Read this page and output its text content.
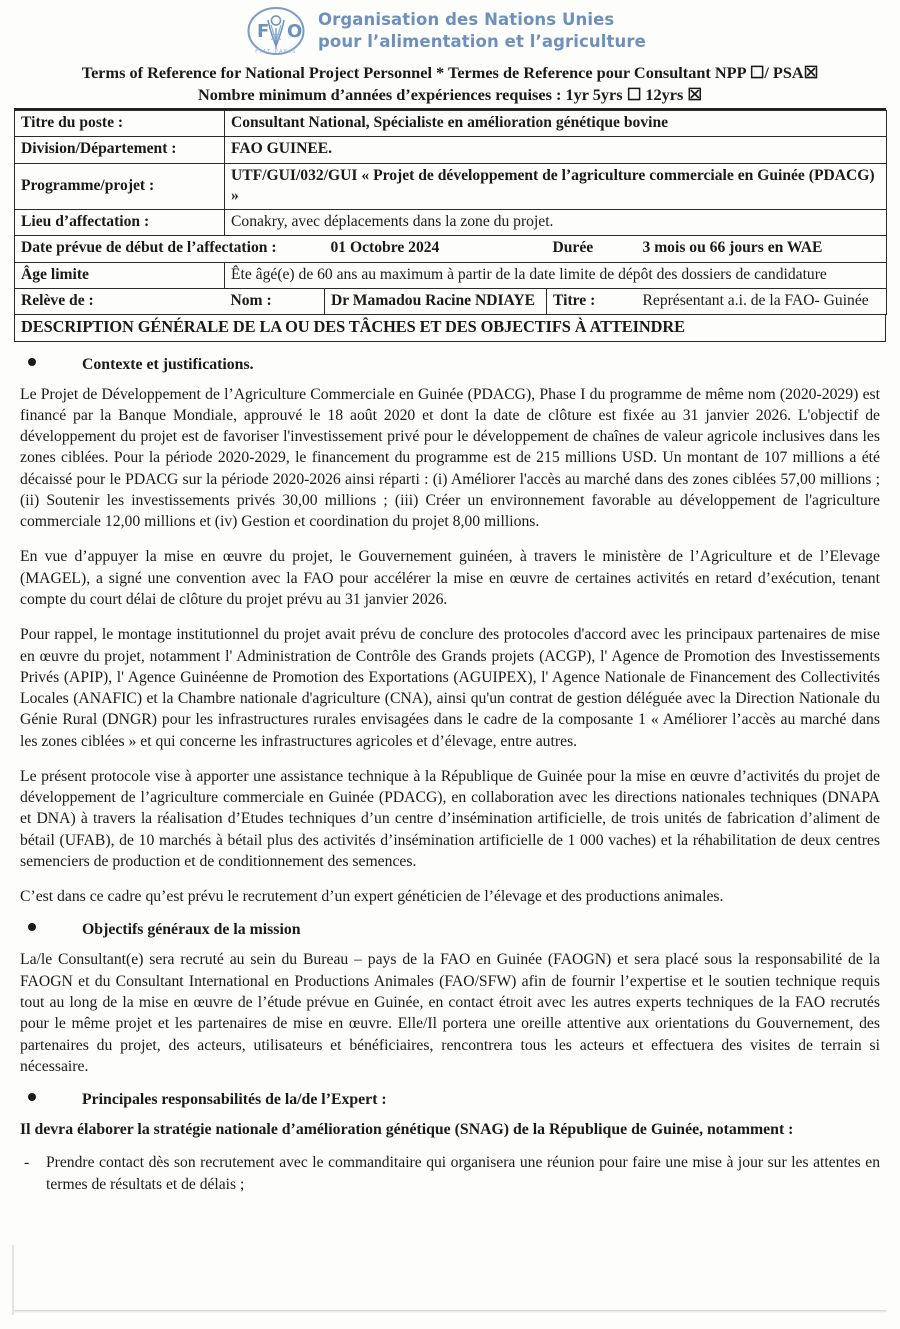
F O
FIAT PANIS
Organisation des Nations Unies
pour l’alimentation et l’agriculture
Terms of Reference for National Project Personnel * Termes de Reference pour Consultant NPP ☐/ PSA☒
Nombre minimum d’années d’expériences requises : 1yr 5yrs ☐ 12yrs ☒
Titre du poste :	Consultant National, Spécialiste en amélioration génétique bovine			
Division/Département :	FAO GUINEE.			
Programme/projet :	UTF/GUI/032/GUI « Projet de développement de l’agriculture commerciale en Guinée (PDACG) »			
Lieu d’affectation :	Conakry, avec déplacements dans la zone du projet.			
Date prévue de début de l’affectation :		01 Octobre 2024	Durée	3 mois ou 66 jours en WAE
Âge limite	Ête âgé(e) de 60 ans au maximum à partir de la date limite de dépôt des dossiers de candidature			
Relève de :	Nom :	Dr Mamadou Racine NDIAYE	Titre :	Représentant a.i. de la FAO- Guinée
DESCRIPTION GÉNÉRALE DE LA OU DES TÂCHES ET DES OBJECTIFS À ATTEINDRE
Contexte et justifications.

Le Projet de Développement de l’Agriculture Commerciale en Guinée (PDACG), Phase I du programme de même nom (2020-2029) est financé par la Banque Mondiale, approuvé le 18 août 2020 et dont la date de clôture est fixée au 31 janvier 2026. L'objectif de développement du projet est de favoriser l'investissement privé pour le développement de chaînes de valeur agricole inclusives dans les zones ciblées. Pour la période 2020-2029, le financement du programme est de 215 millions USD. Un montant de 107 millions a été décaissé pour le PDACG sur la période 2020-2026 ainsi réparti : (i) Améliorer l'accès au marché dans des zones ciblées 57,00 millions ; (ii) Soutenir les investissements privés 30,00 millions ; (iii) Créer un environnement favorable au développement de l'agriculture commerciale 12,00 millions et (iv) Gestion et coordination du projet 8,00 millions.

En vue d’appuyer la mise en œuvre du projet, le Gouvernement guinéen, à travers le ministère de l’Agriculture et de l’Elevage (MAGEL), a signé une convention avec la FAO pour accélérer la mise en œuvre de certaines activités en retard d’exécution, tenant compte du court délai de clôture du projet prévu au 31 janvier 2026.

Pour rappel, le montage institutionnel du projet avait prévu de conclure des protocoles d'accord avec les principaux partenaires de mise en œuvre du projet, notamment l' Administration de Contrôle des Grands projets (ACGP), l' Agence de Promotion des Investissements Privés (APIP), l' Agence Guinéenne de Promotion des Exportations (AGUIPEX), l' Agence Nationale de Financement des Collectivités Locales (ANAFIC) et la Chambre nationale d'agriculture (CNA), ainsi qu'un contrat de gestion déléguée avec la Direction Nationale du Génie Rural (DNGR) pour les infrastructures rurales envisagées dans le cadre de la composante 1 « Améliorer l’accès au marché dans les zones ciblées » et qui concerne les infrastructures agricoles et d’élevage, entre autres.

Le présent protocole vise à apporter une assistance technique à la République de Guinée pour la mise en œuvre d’activités du projet de développement de l’agriculture commerciale en Guinée (PDACG), en collaboration avec les directions nationales techniques (DNAPA et DNA) à travers la réalisation d’Etudes techniques d’un centre d’insémination artificielle, de trois unités de fabrication d’aliment de bétail (UFAB), de 10 marchés à bétail plus des activités d’insémination artificielle de 1 000 vaches) et la réhabilitation de deux centres semenciers de production et de conditionnement des semences.

C’est dans ce cadre qu’est prévu le recrutement d’un expert généticien de l’élevage et des productions animales.

Objectifs généraux de la mission

La/le Consultant(e) sera recruté au sein du Bureau – pays de la FAO en Guinée (FAOGN) et sera placé sous la responsabilité de la FAOGN et du Consultant International en Productions Animales (FAO/SFW) afin de fournir l’expertise et le soutien technique requis tout au long de la mise en œuvre de l’étude prévue en Guinée, en contact étroit avec les autres experts techniques de la FAO recrutés pour le même projet et les partenaires de mise en œuvre. Elle/Il portera une oreille attentive aux orientations du Gouvernement, des partenaires du projet, des acteurs, utilisateurs et bénéficiaires, rencontrera tous les acteurs et effectuera des visites de terrain si nécessaire.

Principales responsabilités de la/de l’Expert :

Il devra élaborer la stratégie nationale d’amélioration génétique (SNAG) de la République de Guinée, notamment :

-	Prendre contact dès son recrutement avec le commanditaire qui organisera une réunion pour faire une mise à jour sur les attentes en termes de résultats et de délais ;
